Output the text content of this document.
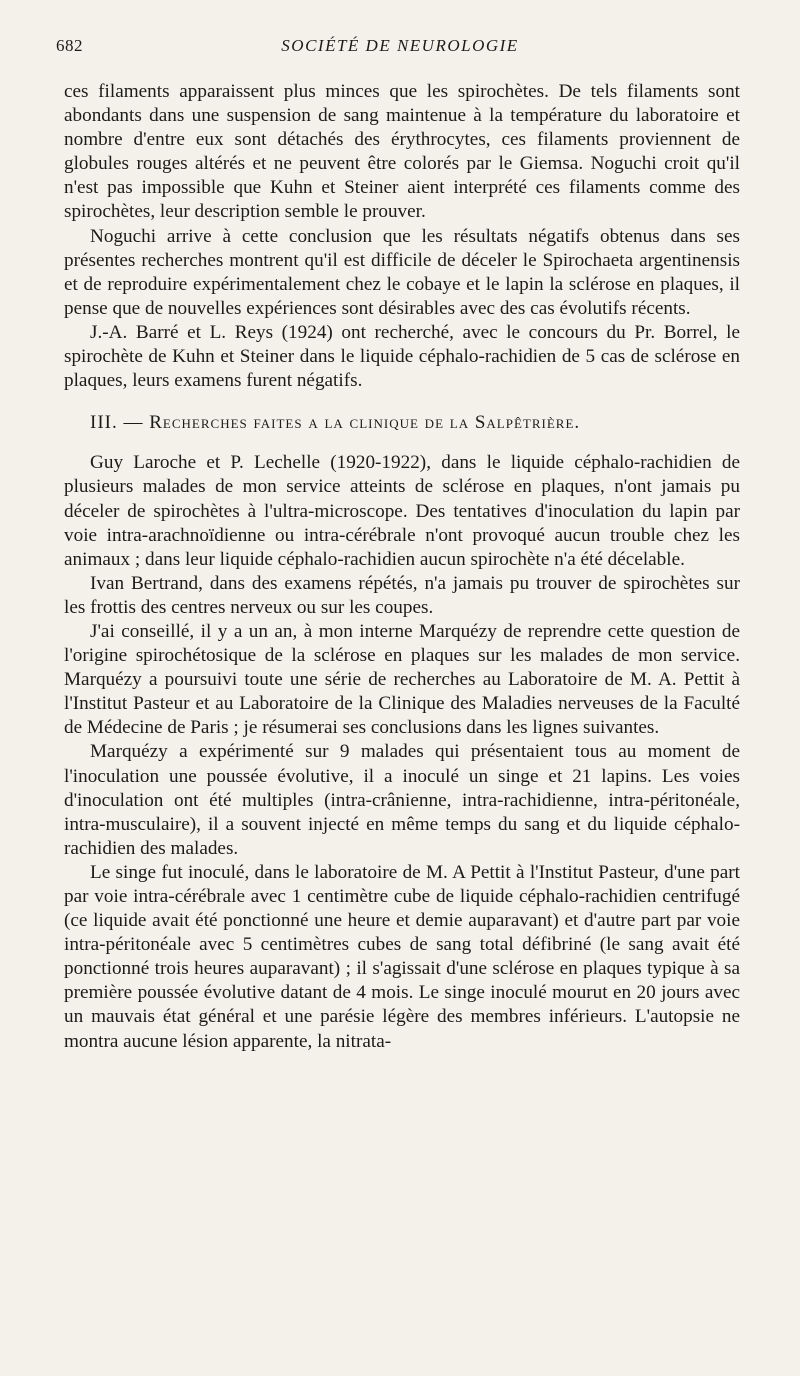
682	SOCIÉTÉ DE NEUROLOGIE

ces filaments apparaissent plus minces que les spirochètes. De tels filaments sont abondants dans une suspension de sang maintenue à la température du laboratoire et nombre d'entre eux sont détachés des érythrocytes, ces filaments proviennent de globules rouges altérés et ne peuvent être colorés par le Giemsa. Noguchi croit qu'il n'est pas impossible que Kuhn et Steiner aient interprété ces filaments comme des spirochètes, leur description semble le prouver.

Noguchi arrive à cette conclusion que les résultats négatifs obtenus dans ses présentes recherches montrent qu'il est difficile de déceler le Spirochaeta argentinensis et de reproduire expérimentalement chez le cobaye et le lapin la sclérose en plaques, il pense que de nouvelles expériences sont désirables avec des cas évolutifs récents.

J.-A. Barré et L. Reys (1924) ont recherché, avec le concours du Pr. Borrel, le spirochète de Kuhn et Steiner dans le liquide céphalo-rachidien de 5 cas de sclérose en plaques, leurs examens furent négatifs.

III. — Recherches faites a la clinique de la Salpêtrière.

Guy Laroche et P. Lechelle (1920-1922), dans le liquide céphalo-rachidien de plusieurs malades de mon service atteints de sclérose en plaques, n'ont jamais pu déceler de spirochètes à l'ultra-microscope. Des tentatives d'inoculation du lapin par voie intra-arachnoïdienne ou intra-cérébrale n'ont provoqué aucun trouble chez les animaux ; dans leur liquide céphalo-rachidien aucun spirochète n'a été décelable.

Ivan Bertrand, dans des examens répétés, n'a jamais pu trouver de spirochètes sur les frottis des centres nerveux ou sur les coupes.

J'ai conseillé, il y a un an, à mon interne Marquézy de reprendre cette question de l'origine spirochétosique de la sclérose en plaques sur les malades de mon service. Marquézy a poursuivi toute une série de recherches au Laboratoire de M. A. Pettit à l'Institut Pasteur et au Laboratoire de la Clinique des Maladies nerveuses de la Faculté de Médecine de Paris ; je résumerai ses conclusions dans les lignes suivantes.

Marquézy a expérimenté sur 9 malades qui présentaient tous au moment de l'inoculation une poussée évolutive, il a inoculé un singe et 21 lapins. Les voies d'inoculation ont été multiples (intra-crânienne, intra-rachidienne, intra-péritonéale, intra-musculaire), il a souvent injecté en même temps du sang et du liquide céphalo-rachidien des malades.

Le singe fut inoculé, dans le laboratoire de M. A Pettit à l'Institut Pasteur, d'une part par voie intra-cérébrale avec 1 centimètre cube de liquide céphalo-rachidien centrifugé (ce liquide avait été ponctionné une heure et demie auparavant) et d'autre part par voie intra-péritonéale avec 5 centimètres cubes de sang total défibriné (le sang avait été ponctionné trois heures auparavant) ; il s'agissait d'une sclérose en plaques typique à sa première poussée évolutive datant de 4 mois. Le singe inoculé mourut en 20 jours avec un mauvais état général et une parésie légère des membres inférieurs. L'autopsie ne montra aucune lésion apparente, la nitrata-
